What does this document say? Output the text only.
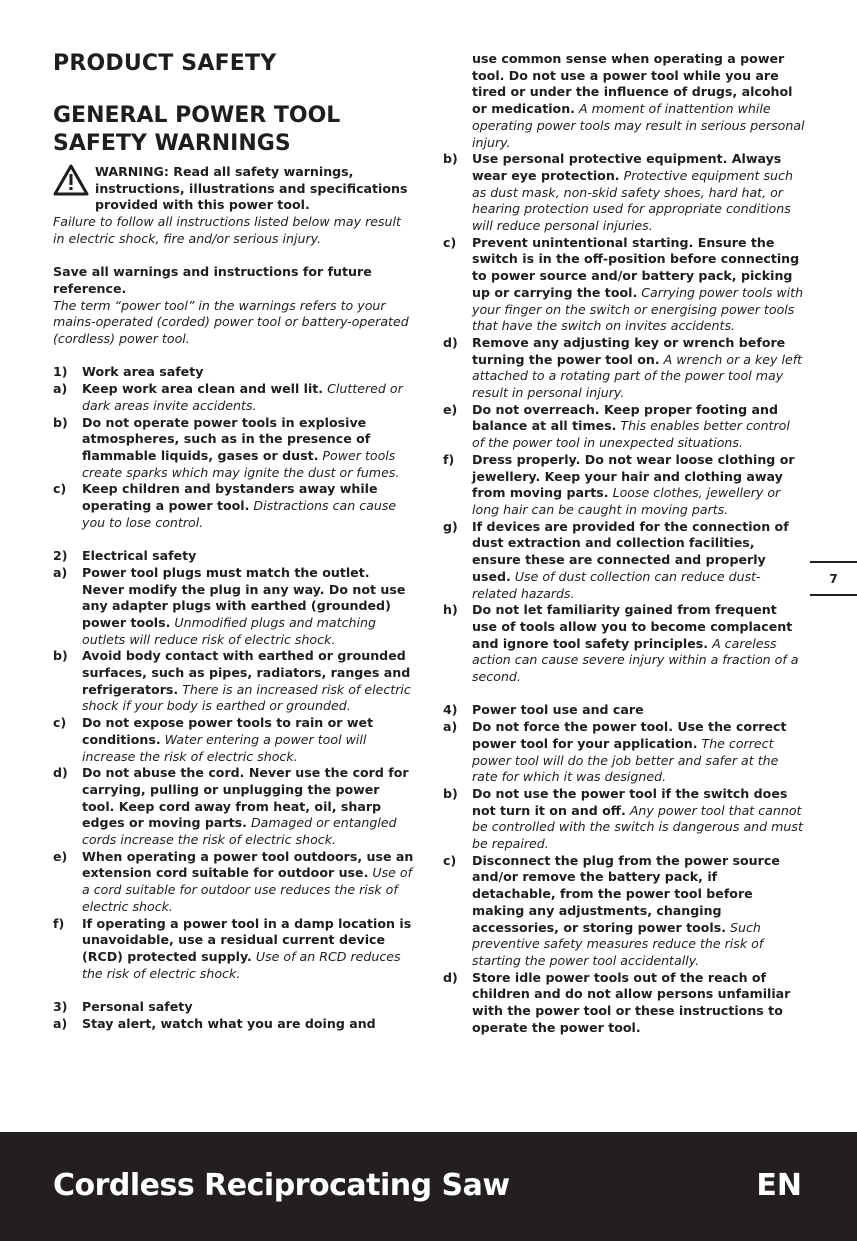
PRODUCT SAFETY
GENERAL POWER TOOL SAFETY WARNINGS

WARNING: Read all safety warnings, instructions, illustrations and specifications provided with this power tool.

Failure to follow all instructions listed below may result in electric shock, fire and/or serious injury.

Save all warnings and instructions for future reference.

The term “power tool” in the warnings refers to your mains-operated (corded) power tool or battery-operated (cordless) power tool.

1)	Work area safety
a)	Keep work area clean and well lit. Cluttered or dark areas invite accidents.
b)	Do not operate power tools in explosive atmospheres, such as in the presence of flammable liquids, gases or dust. Power tools create sparks which may ignite the dust or fumes.
c)	Keep children and bystanders away while operating a power tool. Distractions can cause you to lose control.
2)	Electrical safety
a)	Power tool plugs must match the outlet. Never modify the plug in any way. Do not use any adapter plugs with earthed (grounded) power tools. Unmodified plugs and matching outlets will reduce risk of electric shock.
b)	Avoid body contact with earthed or grounded surfaces, such as pipes, radiators, ranges and refrigerators. There is an increased risk of electric shock if your body is earthed or grounded.
c)	Do not expose power tools to rain or wet conditions. Water entering a power tool will increase the risk of electric shock.
d)	Do not abuse the cord. Never use the cord for carrying, pulling or unplugging the power tool. Keep cord away from heat, oil, sharp edges or moving parts. Damaged or entangled cords increase the risk of electric shock.
e)	When operating a power tool outdoors, use an extension cord suitable for outdoor use. Use of a cord suitable for outdoor use reduces the risk of electric shock.
f)	If operating a power tool in a damp location is unavoidable, use a residual current device (RCD) protected supply. Use of an RCD reduces the risk of electric shock.
3)	Personal safety
a)	Stay alert, watch what you are doing and
use common sense when operating a power tool. Do not use a power tool while you are tired or under the influence of drugs, alcohol or medication. A moment of inattention while operating power tools may result in serious personal injury.
b)	Use personal protective equipment. Always wear eye protection. Protective equipment such as dust mask, non-skid safety shoes, hard hat, or hearing protection used for appropriate conditions will reduce personal injuries.
c)	Prevent unintentional starting. Ensure the switch is in the off-position before connecting to power source and/or battery pack, picking up or carrying the tool. Carrying power tools with your finger on the switch or energising power tools that have the switch on invites accidents.
d)	Remove any adjusting key or wrench before turning the power tool on. A wrench or a key left attached to a rotating part of the power tool may result in personal injury.
e)	Do not overreach. Keep proper footing and balance at all times. This enables better control of the power tool in unexpected situations.
f)	Dress properly. Do not wear loose clothing or jewellery. Keep your hair and clothing away from moving parts. Loose clothes, jewellery or long hair can be caught in moving parts.
g)	If devices are provided for the connection of dust extraction and collection facilities, ensure these are connected and properly used. Use of dust collection can reduce dust-related hazards.
h)	Do not let familiarity gained from frequent use of tools allow you to become complacent and ignore tool safety principles. A careless action can cause severe injury within a fraction of a second.
4)	Power tool use and care
a)	Do not force the power tool. Use the correct power tool for your application. The correct power tool will do the job better and safer at the rate for which it was designed.
b)	Do not use the power tool if the switch does not turn it on and off. Any power tool that cannot be controlled with the switch is dangerous and must be repaired.
c)	Disconnect the plug from the power source and/or remove the battery pack, if detachable, from the power tool before making any adjustments, changing accessories, or storing power tools. Such preventive safety measures reduce the risk of starting the power tool accidentally.
d)	Store idle power tools out of the reach of children and do not allow persons unfamiliar with the power tool or these instructions to operate the power tool.
7
Cordless Reciprocating Saw	EN
